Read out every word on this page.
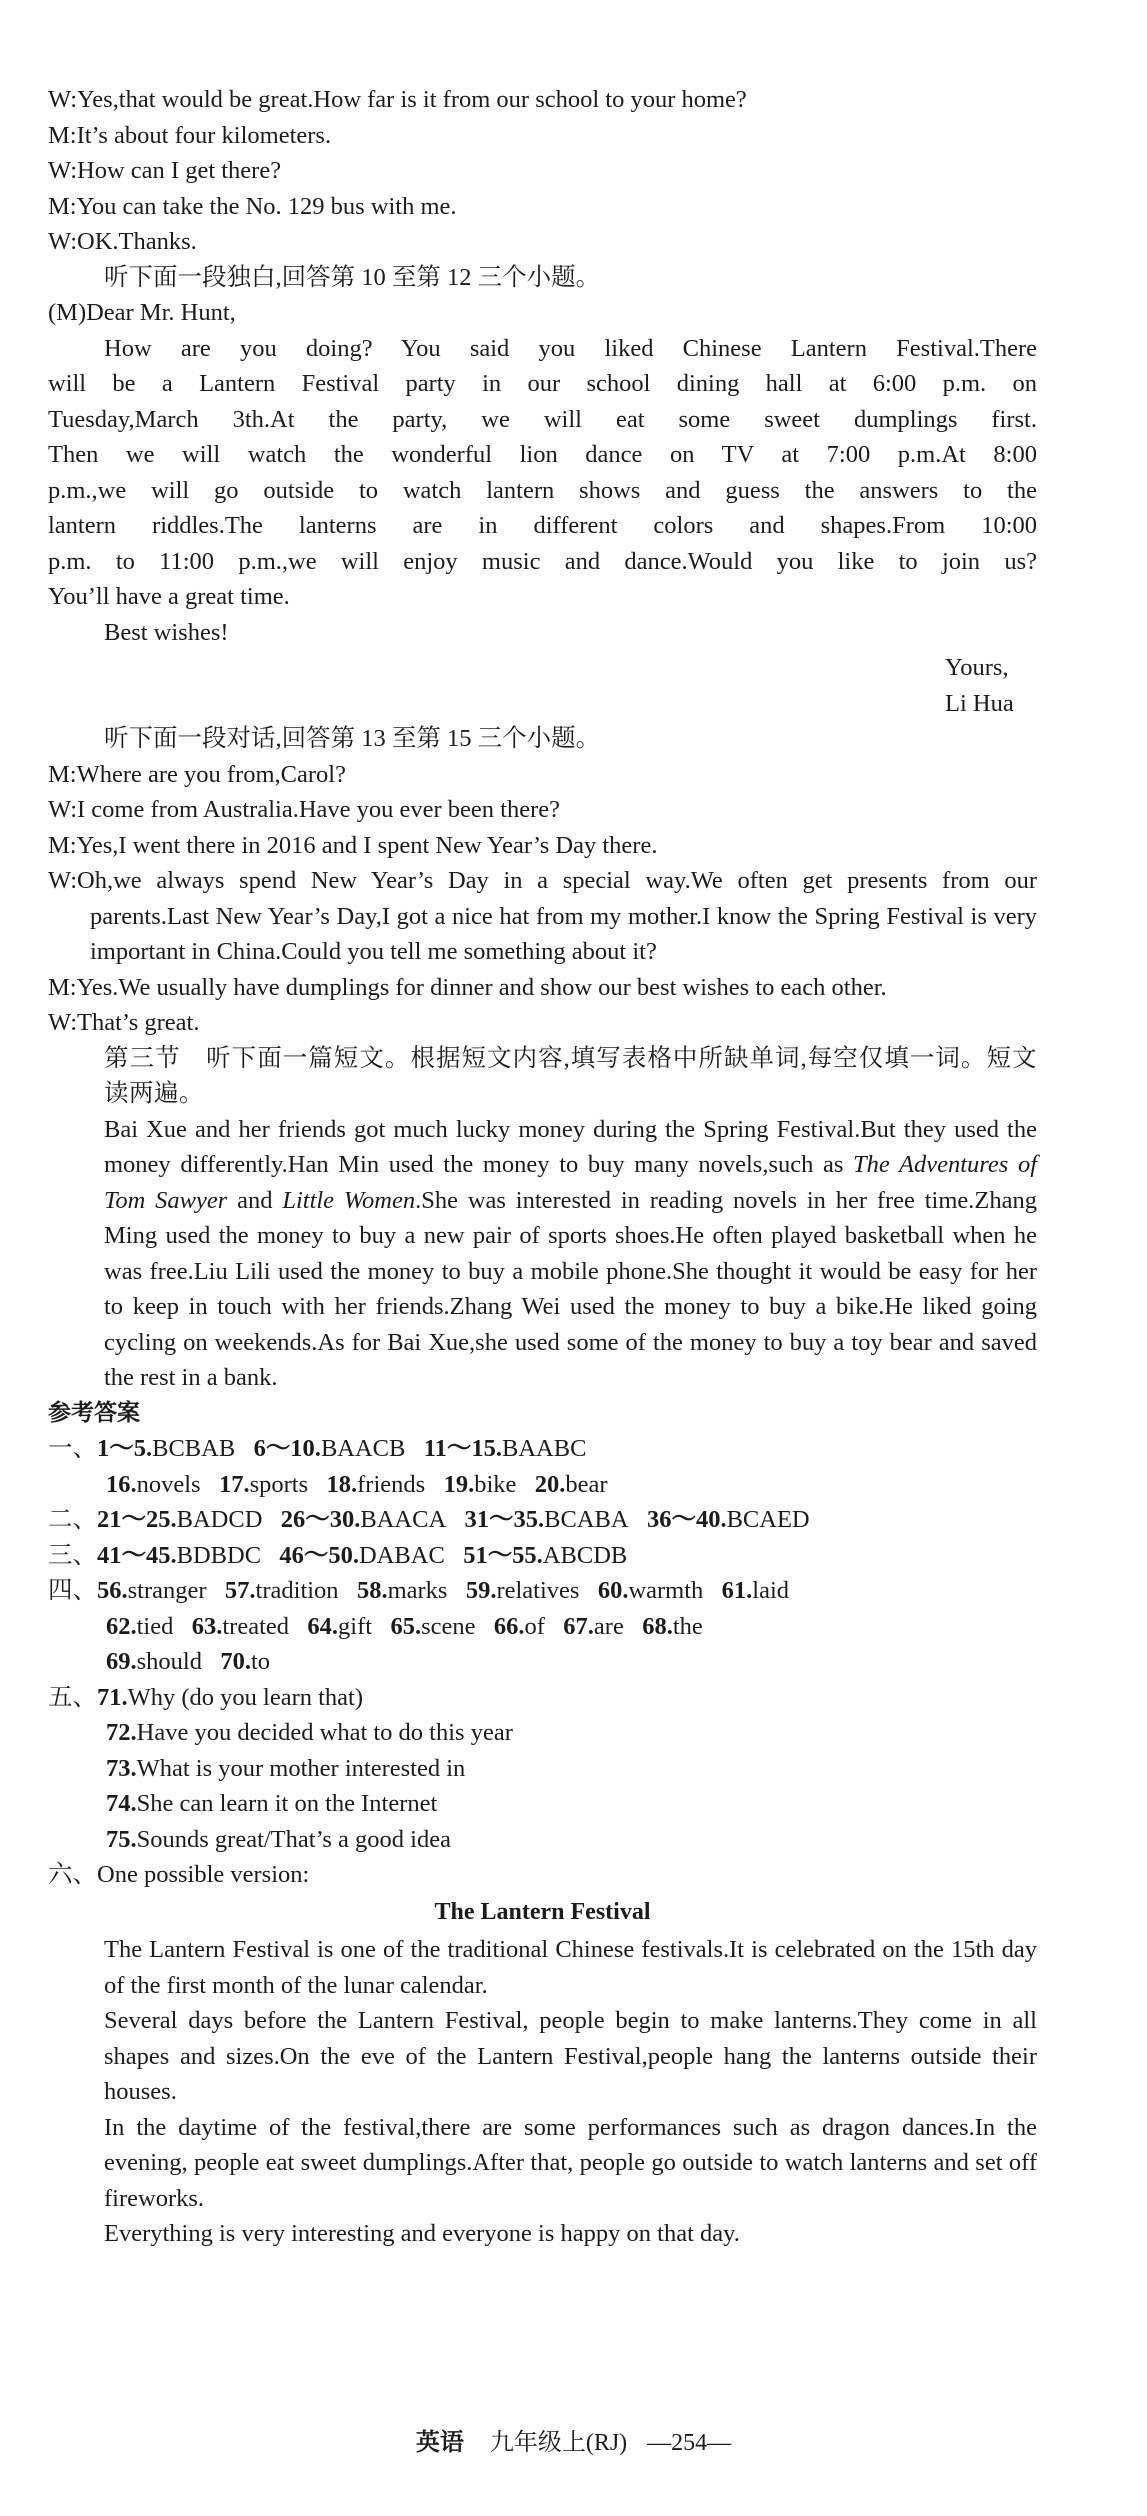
W:Yes,that would be great.How far is it from our school to your home?
M:It’s about four kilometers.
W:How can I get there?
M:You can take the No. 129 bus with me.
W:OK.Thanks.
听下面一段独白,回答第 10 至第 12 三个小题。
(M)Dear Mr. Hunt,
How are you doing? You said you liked Chinese Lantern Festival.There
will be a Lantern Festival party in our school dining hall at 6:00 p.m. on
Tuesday,March 3th.At the party, we will eat some sweet dumplings first.
Then we will watch the wonderful lion dance on TV at 7:00 p.m.At 8:00
p.m.,we will go outside to watch lantern shows and guess the answers to the
lantern riddles.The lanterns are in different colors and shapes.From 10:00
p.m. to 11:00 p.m.,we will enjoy music and dance.Would you like to join us?
You’ll have a great time.
Best wishes!
Yours,
Li Hua
听下面一段对话,回答第 13 至第 15 三个小题。
M:Where are you from,Carol?
W:I come from Australia.Have you ever been there?
M:Yes,I went there in 2016 and I spent New Year’s Day there.
W:Oh,we always spend New Year’s Day in a special way.We often get presents from our parents.Last New Year’s Day,I got a nice hat from my mother.I know the Spring Festival is very important in China.Could you tell me something about it?
M:Yes.We usually have dumplings for dinner and show our best wishes to each other.
W:That’s great.
第三节　听下面一篇短文。根据短文内容,填写表格中所缺单词,每空仅填一词。短文读两遍。
Bai Xue and her friends got much lucky money during the Spring Festival.But they used the money differently.Han Min used the money to buy many novels,such as The Adventures of Tom Sawyer and Little Women.She was interested in reading novels in her free time.Zhang Ming used the money to buy a new pair of sports shoes.He often played basketball when he was free.Liu Lili used the money to buy a mobile phone.She thought it would be easy for her to keep in touch with her friends.Zhang Wei used the money to buy a bike.He liked going cycling on weekends.As for Bai Xue,she used some of the money to buy a toy bear and saved the rest in a bank.
参考答案
一、1～5.BCBAB 6～10.BAACB 11～15.BAABC
16.novels 17.sports 18.friends 19.bike 20.bear
二、21～25.BADCD 26～30.BAACA 31～35.BCABA 36～40.BCAED
三、41～45.BDBDC 46～50.DABAC 51～55.ABCDB
四、56.stranger 57.tradition 58.marks 59.relatives 60.warmth 61.laid
62.tied 63.treated 64.gift 65.scene 66.of 67.are 68.the
69.should 70.to
五、71.Why (do you learn that)
72.Have you decided what to do this year
73.What is your mother interested in
74.She can learn it on the Internet
75.Sounds great/That’s a good idea
六、One possible version:
The Lantern Festival
The Lantern Festival is one of the traditional Chinese festivals.It is celebrated on the 15th day of the first month of the lunar calendar.
Several days before the Lantern Festival, people begin to make lanterns.They come in all shapes and sizes.On the eve of the Lantern Festival,people hang the lanterns outside their houses.
In the daytime of the festival,there are some performances such as dragon dances.In the evening, people eat sweet dumplings.After that, people go outside to watch lanterns and set off fireworks.
Everything is very interesting and everyone is happy on that day.
英语 九年级上(RJ) —254—
